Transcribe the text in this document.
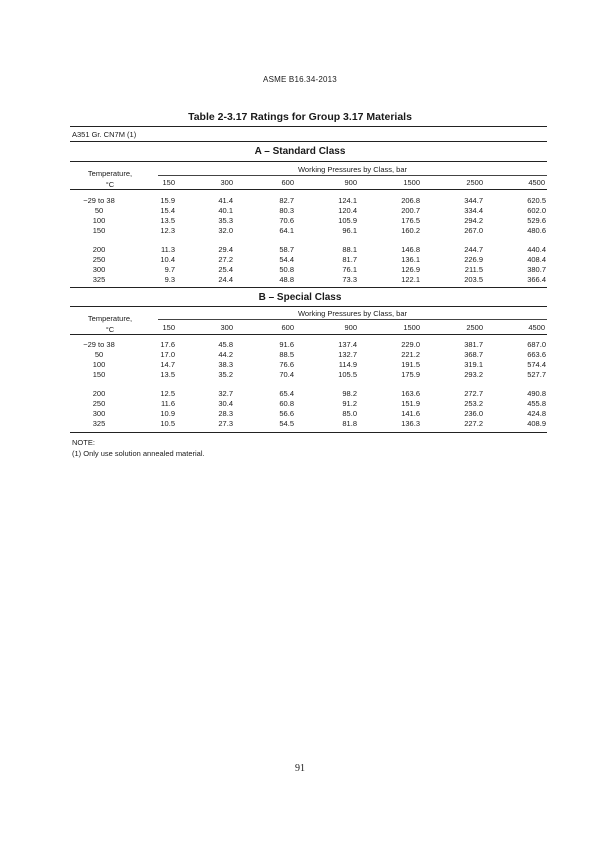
ASME B16.34-2013
Table 2-3.17 Ratings for Group 3.17 Materials
A351 Gr. CN7M (1)
A – Standard Class
Temperature,
°C
Working Pressures by Class, bar
150	300	600	900	1500	2500	4500
−29 to 38	15.9	41.4	82.7	124.1	206.8	344.7	620.5
50	15.4	40.1	80.3	120.4	200.7	334.4	602.0
100	13.5	35.3	70.6	105.9	176.5	294.2	529.6
150	12.3	32.0	64.1	96.1	160.2	267.0	480.6
200	11.3	29.4	58.7	88.1	146.8	244.7	440.4
250	10.4	27.2	54.4	81.7	136.1	226.9	408.4
300	9.7	25.4	50.8	76.1	126.9	211.5	380.7
325	9.3	24.4	48.8	73.3	122.1	203.5	366.4
B – Special Class
Temperature,
°C
Working Pressures by Class, bar
150	300	600	900	1500	2500	4500
−29 to 38	17.6	45.8	91.6	137.4	229.0	381.7	687.0
50	17.0	44.2	88.5	132.7	221.2	368.7	663.6
100	14.7	38.3	76.6	114.9	191.5	319.1	574.4
150	13.5	35.2	70.4	105.5	175.9	293.2	527.7
200	12.5	32.7	65.4	98.2	163.6	272.7	490.8
250	11.6	30.4	60.8	91.2	151.9	253.2	455.8
300	10.9	28.3	56.6	85.0	141.6	236.0	424.8
325	10.5	27.3	54.5	81.8	136.3	227.2	408.9
NOTE:
(1) Only use solution annealed material.
91
